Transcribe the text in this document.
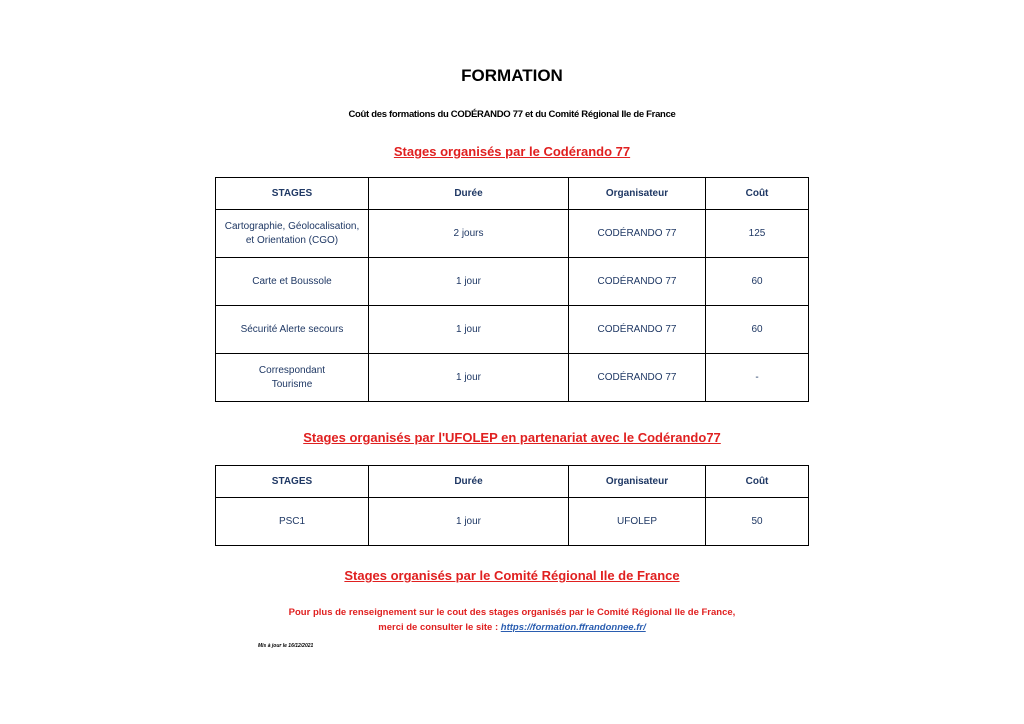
FORMATION
Coût des formations du CODÉRANDO 77 et du Comité Régional Ile de France
Stages organisés par le Codérando 77
STAGES	Durée	Organisateur	Coût
Cartographie, Géolocalisation, et Orientation (CGO)	2 jours	CODÉRANDO 77	125
Carte et Boussole	1 jour	CODÉRANDO 77	60
Sécurité Alerte secours	1 jour	CODÉRANDO 77	60
Correspondant Tourisme	1 jour	CODÉRANDO 77	-
Stages organisés par l'UFOLEP en partenariat avec le Codérando77
STAGES	Durée	Organisateur	Coût
PSC1	1 jour	UFOLEP	50
Stages organisés par le Comité Régional Ile de France
Pour plus de renseignement sur le cout des stages organisés par le Comité Régional Ile de France,
merci de consulter le site : https://formation.ffrandonnee.fr/
Mis à jour le 16/12/2021
